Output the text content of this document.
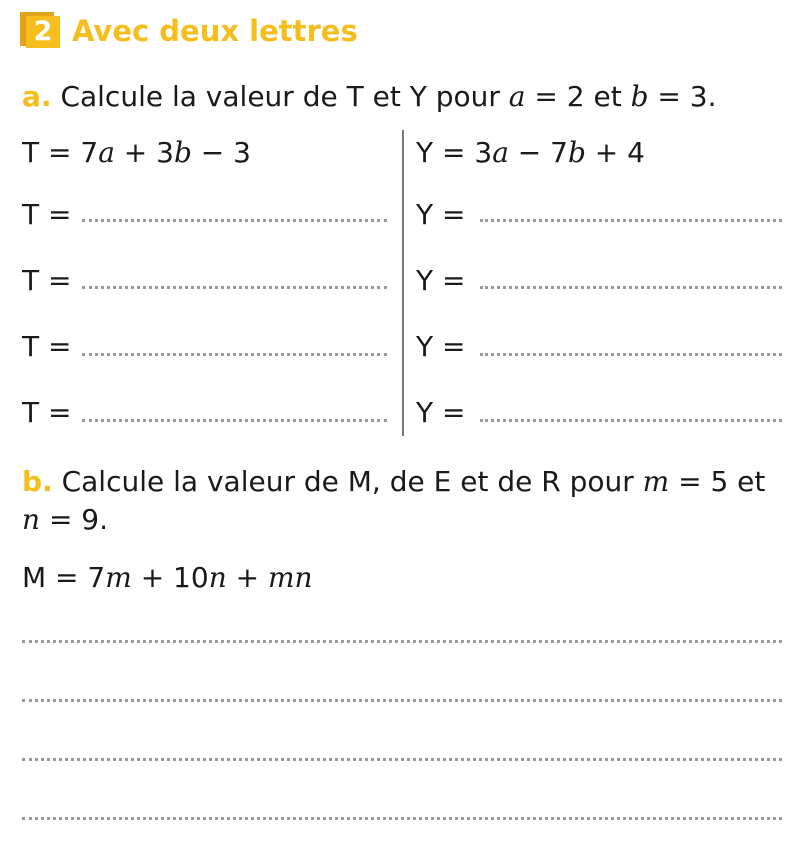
2 Avec deux lettres
a. Calcule la valeur de T et Y pour a = 2 et b = 3.
T = 7a + 3b − 3	Y = 3a − 7b + 4
T =
T =
T =
T =
Y =
Y =
Y =
Y =
b. Calcule la valeur de M, de E et de R pour m = 5 et
n = 9.
M = 7m + 10n + mn
